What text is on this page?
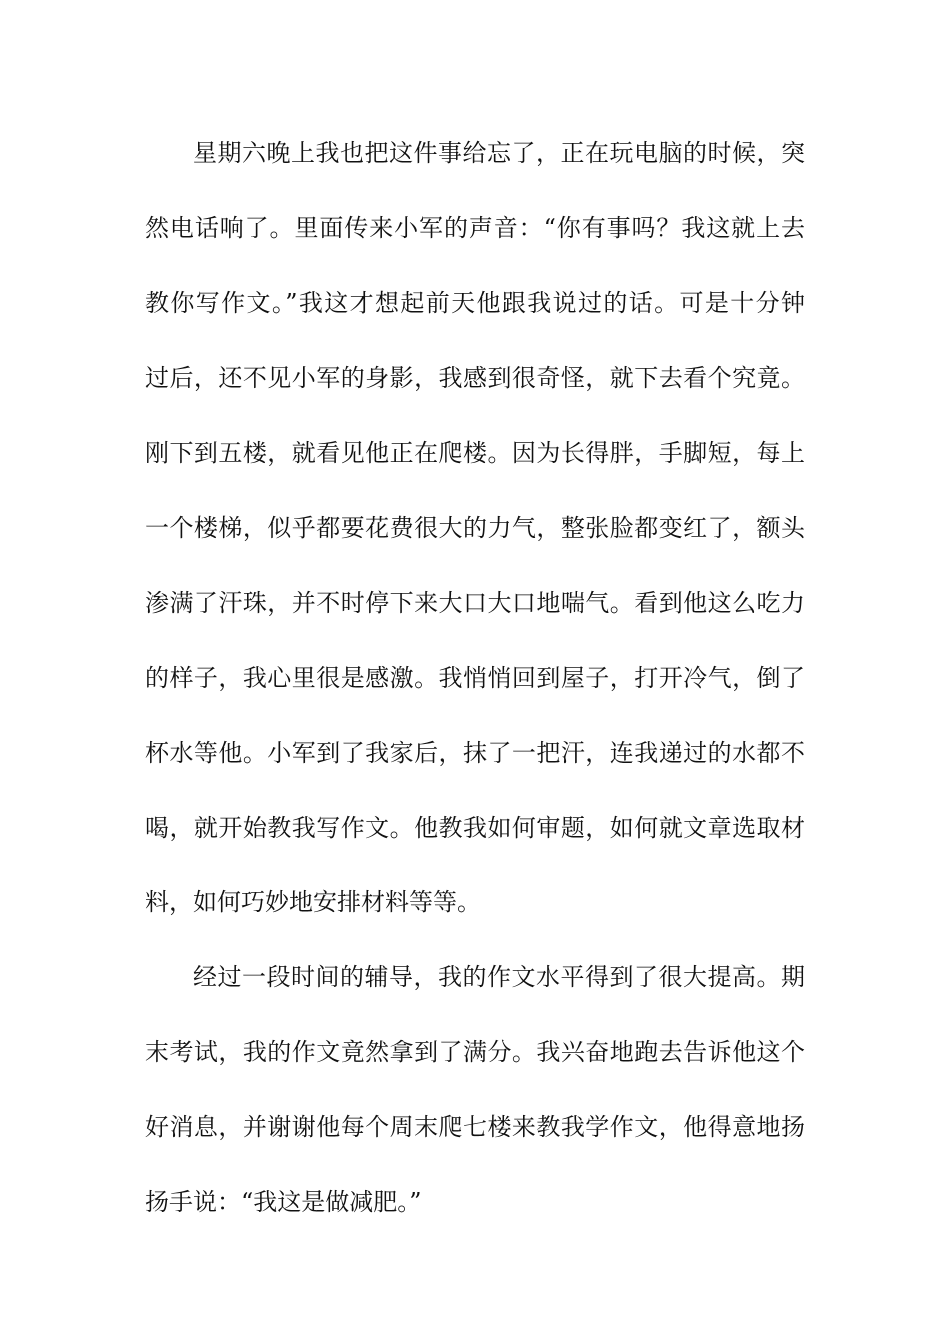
星期六晚上我也把这件事给忘了，正在玩电脑的时候，突
然电话响了。里面传来小军的声音：“你有事吗？我这就上去
教你写作文。”我这才想起前天他跟我说过的话。可是十分钟
过后，还不见小军的身影，我感到很奇怪，就下去看个究竟。
刚下到五楼，就看见他正在爬楼。因为长得胖，手脚短，每上
一个楼梯，似乎都要花费很大的力气，整张脸都变红了，额头
渗满了汗珠，并不时停下来大口大口地喘气。看到他这么吃力
的样子，我心里很是感激。我悄悄回到屋子，打开冷气，倒了
杯水等他。小军到了我家后，抹了一把汗，连我递过的水都不
喝，就开始教我写作文。他教我如何审题，如何就文章选取材
料，如何巧妙地安排材料等等。
经过一段时间的辅导，我的作文水平得到了很大提高。期
末考试，我的作文竟然拿到了满分。我兴奋地跑去告诉他这个
好消息，并谢谢他每个周末爬七楼来教我学作文，他得意地扬
扬手说：“我这是做减肥。”
